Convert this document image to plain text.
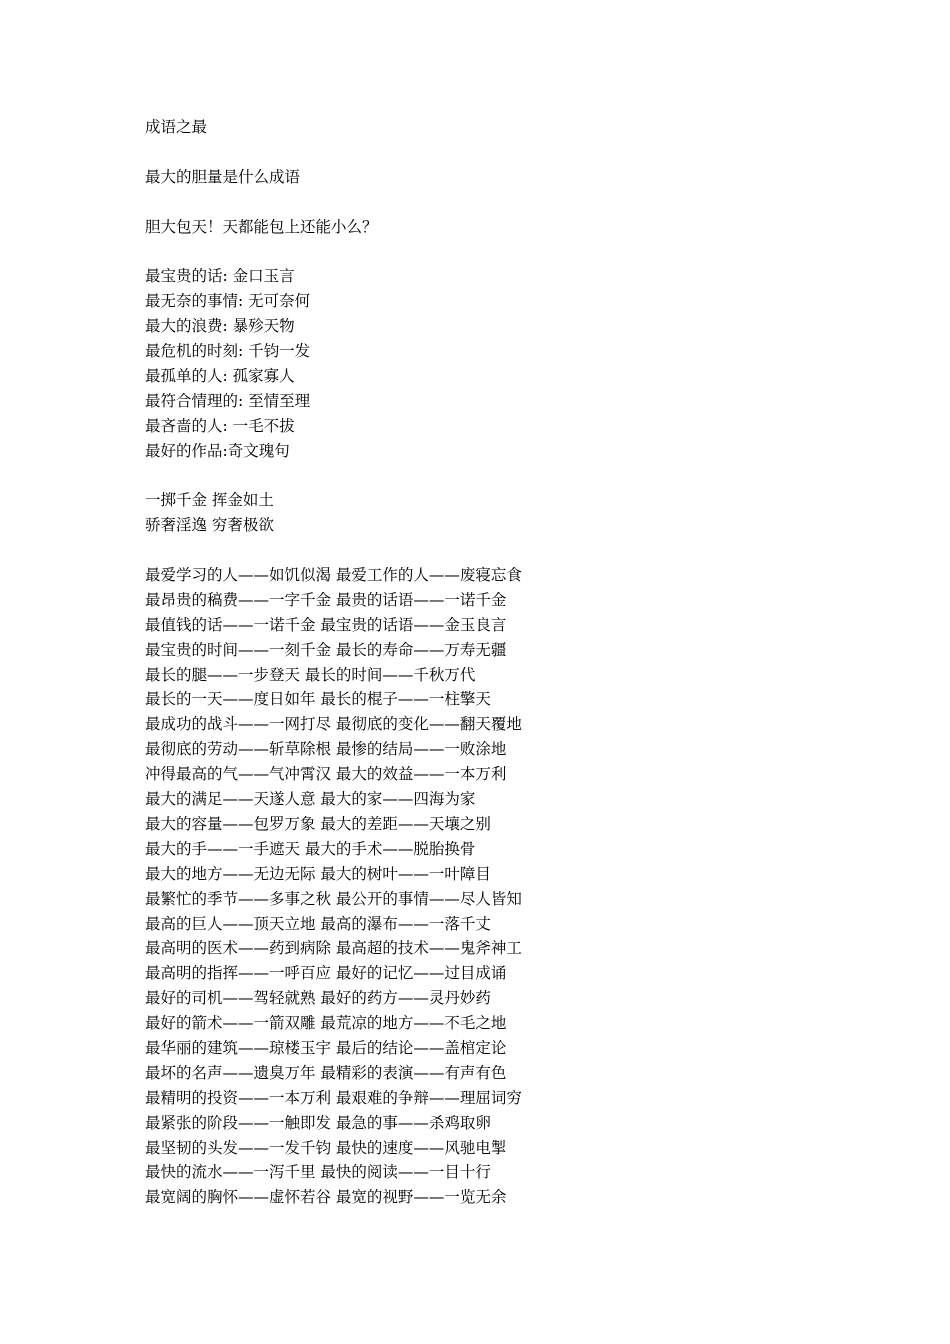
成语之最
最大的胆量是什么成语
胆大包天！天都能包上还能小么？
最宝贵的话: 金口玉言
最无奈的事情: 无可奈何
最大的浪费: 暴殄天物
最危机的时刻: 千钧一发
最孤单的人: 孤家寡人
最符合情理的: 至情至理
最吝啬的人: 一毛不拔
最好的作品:奇文瑰句
一掷千金 挥金如土
骄奢淫逸 穷奢极欲
最爱学习的人——如饥似渴 最爱工作的人——废寝忘食
最昂贵的稿费——一字千金 最贵的话语——一诺千金
最值钱的话——一诺千金 最宝贵的话语——金玉良言
最宝贵的时间——一刻千金 最长的寿命——万寿无疆
最长的腿——一步登天 最长的时间——千秋万代
最长的一天——度日如年 最长的棍子——一柱擎天
最成功的战斗——一网打尽 最彻底的变化——翻天覆地
最彻底的劳动——斩草除根 最惨的结局——一败涂地
冲得最高的气——气冲霄汉 最大的效益——一本万利
最大的满足——天遂人意 最大的家——四海为家
最大的容量——包罗万象 最大的差距——天壤之别
最大的手——一手遮天 最大的手术——脱胎换骨
最大的地方——无边无际 最大的树叶——一叶障目
最繁忙的季节——多事之秋 最公开的事情——尽人皆知
最高的巨人——顶天立地 最高的瀑布——一落千丈
最高明的医术——药到病除 最高超的技术——鬼斧神工
最高明的指挥——一呼百应 最好的记忆——过目成诵
最好的司机——驾轻就熟 最好的药方——灵丹妙药
最好的箭术——一箭双雕 最荒凉的地方——不毛之地
最华丽的建筑——琼楼玉宇 最后的结论——盖棺定论
最坏的名声——遗臭万年 最精彩的表演——有声有色
最精明的投资——一本万利 最艰难的争辩——理屈词穷
最紧张的阶段——一触即发 最急的事——杀鸡取卵
最坚韧的头发——一发千钧 最快的速度——风驰电掣
最快的流水——一泻千里 最快的阅读——一目十行
最宽阔的胸怀——虚怀若谷 最宽的视野——一览无余
